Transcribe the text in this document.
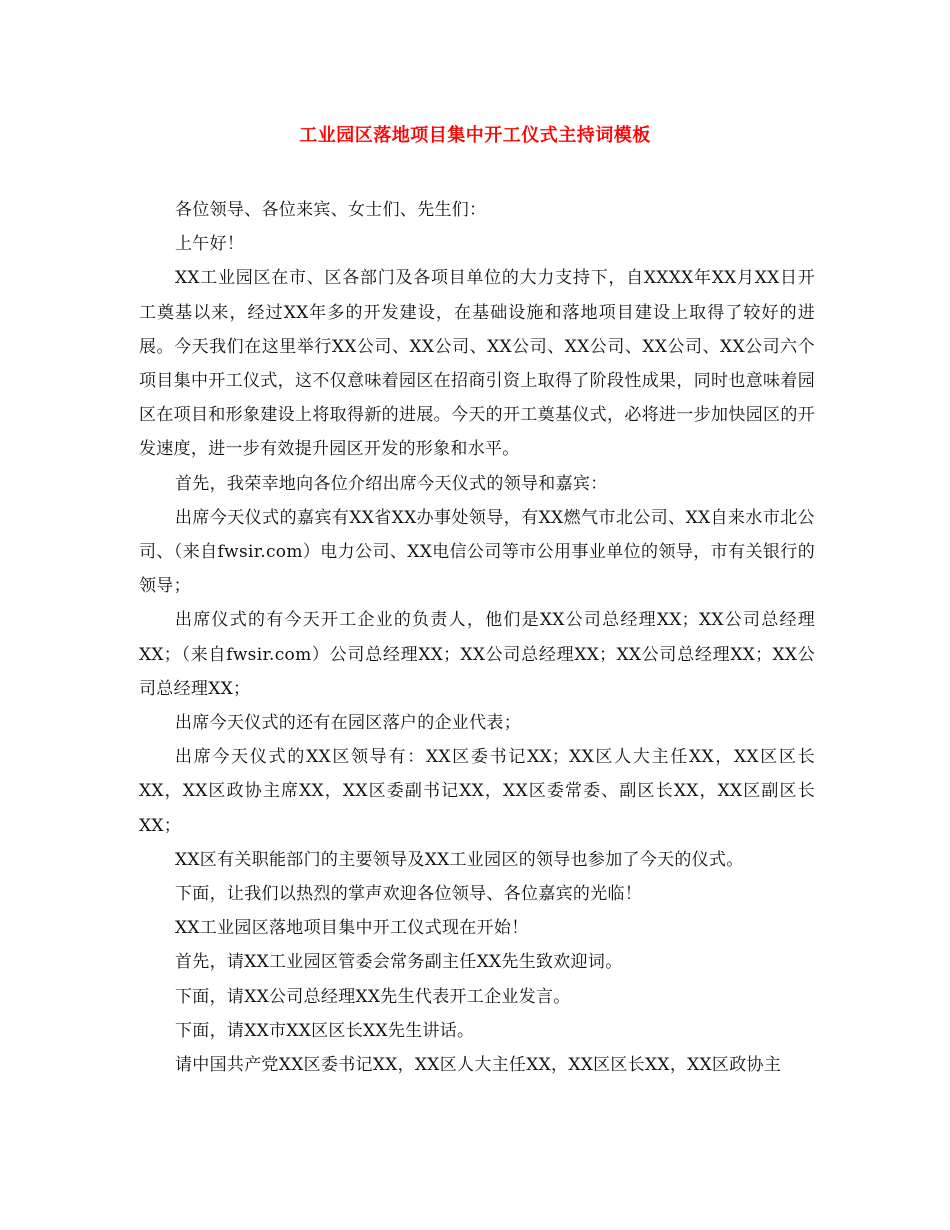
工业园区落地项目集中开工仪式主持词模板

各位领导、各位来宾、女士们、先生们：

上午好！

XX工业园区在市、区各部门及各项目单位的大力支持下，自XXXX年XX月XX日开工奠基以来，经过XX年多的开发建设，在基础设施和落地项目建设上取得了较好的进展。今天我们在这里举行XX公司、XX公司、XX公司、XX公司、XX公司、XX公司六个项目集中开工仪式，这不仅意味着园区在招商引资上取得了阶段性成果，同时也意味着园区在项目和形象建设上将取得新的进展。今天的开工奠基仪式，必将进一步加快园区的开发速度，进一步有效提升园区开发的形象和水平。

首先，我荣幸地向各位介绍出席今天仪式的领导和嘉宾：

出席今天仪式的嘉宾有XX省XX办事处领导，有XX燃气市北公司、XX自来水市北公司、（来自fwsir.com）电力公司、XX电信公司等市公用事业单位的领导，市有关银行的领导；

出席仪式的有今天开工企业的负责人，他们是XX公司总经理XX；XX公司总经理XX；（来自fwsir.com）公司总经理XX；XX公司总经理XX；XX公司总经理XX；XX公司总经理XX；

出席今天仪式的还有在园区落户的企业代表；

出席今天仪式的XX区领导有：XX区委书记XX；XX区人大主任XX，XX区区长XX，XX区政协主席XX，XX区委副书记XX，XX区委常委、副区长XX，XX区副区长XX；

XX区有关职能部门的主要领导及XX工业园区的领导也参加了今天的仪式。

下面，让我们以热烈的掌声欢迎各位领导、各位嘉宾的光临！

XX工业园区落地项目集中开工仪式现在开始！

首先，请XX工业园区管委会常务副主任XX先生致欢迎词。

下面，请XX公司总经理XX先生代表开工企业发言。

下面，请XX市XX区区长XX先生讲话。

请中国共产党XX区委书记XX，XX区人大主任XX，XX区区长XX，XX区政协主
